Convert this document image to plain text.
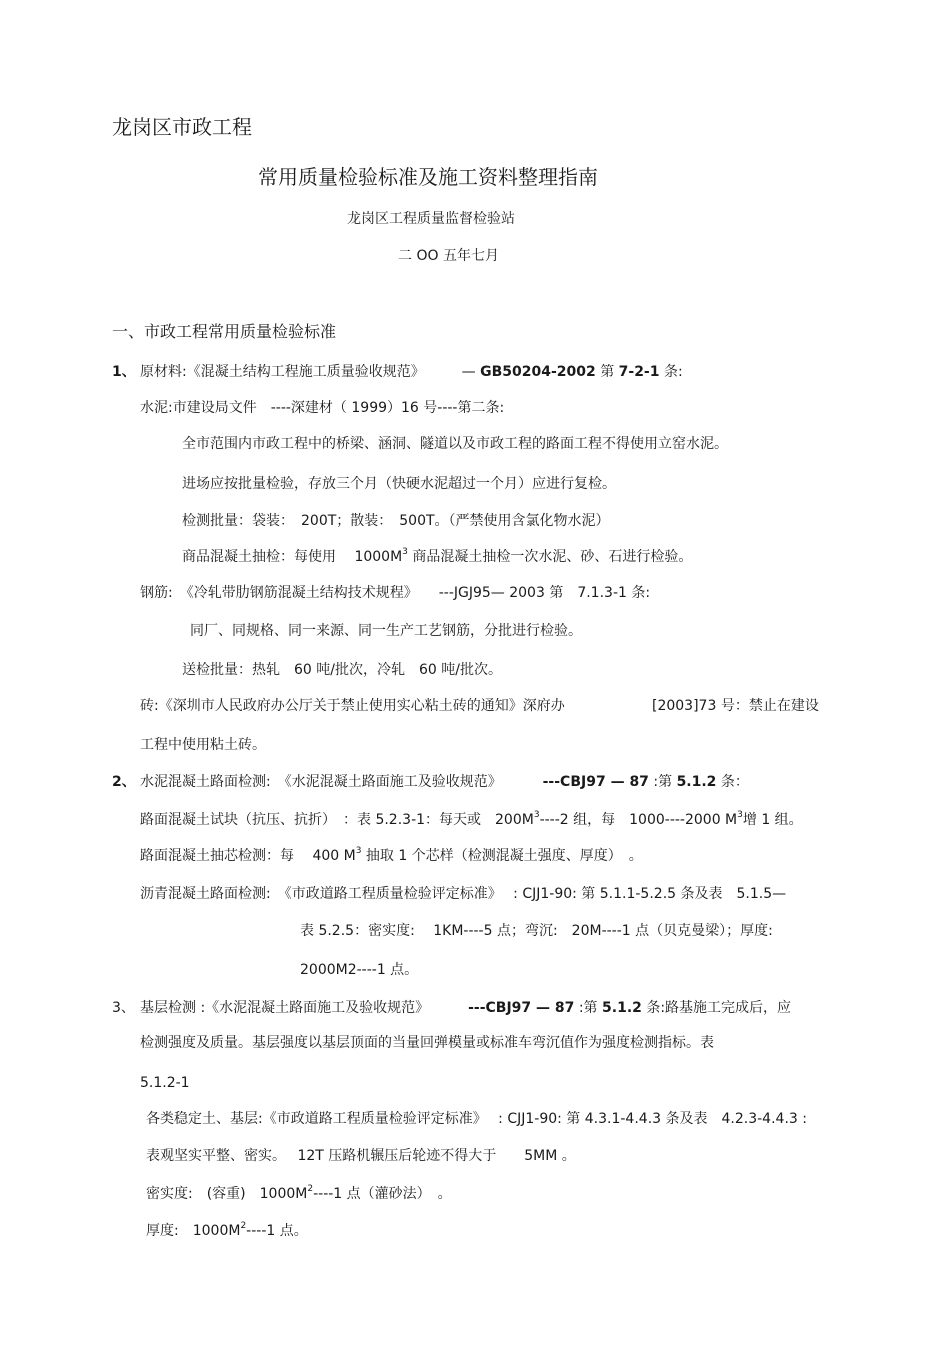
龙岗区市政工程
常用质量检验标准及施工资料整理指南
龙岗区工程质量监督检验站
二 OO 五年七月
一、市政工程常用质量检验标准
1、 原材料:《混凝土结构工程施工质量验收规范》	— GB50204-2002 第 7-2-1 条:
水泥:市建设局文件　----深建材（ 1999）16 号----第二条:
全市范围内市政工程中的桥梁、涵洞、隧道以及市政工程的路面工程不得使用立窑水泥。
进场应按批量检验，存放三个月（快硬水泥超过一个月）应进行复检。
检测批量：袋装：　200T；散装：　500T。（严禁使用含氯化物水泥）
商品混凝土抽检：每使用　 $1000M^3$ 商品混凝土抽检一次水泥、砂、石进行检验。
钢筋:　《冷轧带肋钢筋混凝土结构技术规程》　　---JGJ95— 2003 第　7.1.3-1 条:
同厂、同规格、同一来源、同一生产工艺钢筋，分批进行检验。
送检批量：热轧　60 吨/批次，冷轧　60 吨/批次。
砖:《深圳市人民政府办公厅关于禁止使用实心粘土砖的通知》深府办	[2003]73 号：禁止在建设
工程中使用粘土砖。
2、 水泥混凝土路面检测:　《水泥混凝土路面施工及验收规范》	---CBJ97 — 87 :第 5.1.2 条：
路面混凝土试块（抗压、抗折）　：表 5.2.3-1：每天或　$200M^3----2$ 组，每　1000----2000 $M^3$增 1 组。
路面混凝土抽芯检测：每　 400 $M^3$ 抽取 1 个芯样（检测混凝土强度、厚度）　。
沥青混凝土路面检测:　《市政道路工程质量检验评定标准》　 : CJJ1-90: 第 5.1.1-5.2.5 条及表　5.1.5—
表 5.2.5：密实度:　 1KM----5 点；弯沉:　20M----1 点（贝克曼梁）；厚度:
2000M2----1 点。
3、 基层检测 :《水泥混凝土路面施工及验收规范》	---CBJ97 — 87 :第 5.1.2 条:路基施工完成后，应
检测强度及质量。基层强度以基层顶面的当量回弹模量或标准车弯沉值作为强度检测指标。表
5.1.2-1
各类稳定土、基层:《市政道路工程质量检验评定标准》　 : CJJ1-90: 第 4.3.1-4.4.3 条及表　4.2.3-4.4.3 :
表观坚实平整、密实。　 12T 压路机辗压后轮迹不得大于　　5MM 。
密实度:　(容重)　$1000M^2----1$ 点（灌砂法）　。
厚度:　$1000M^2----1$ 点。
